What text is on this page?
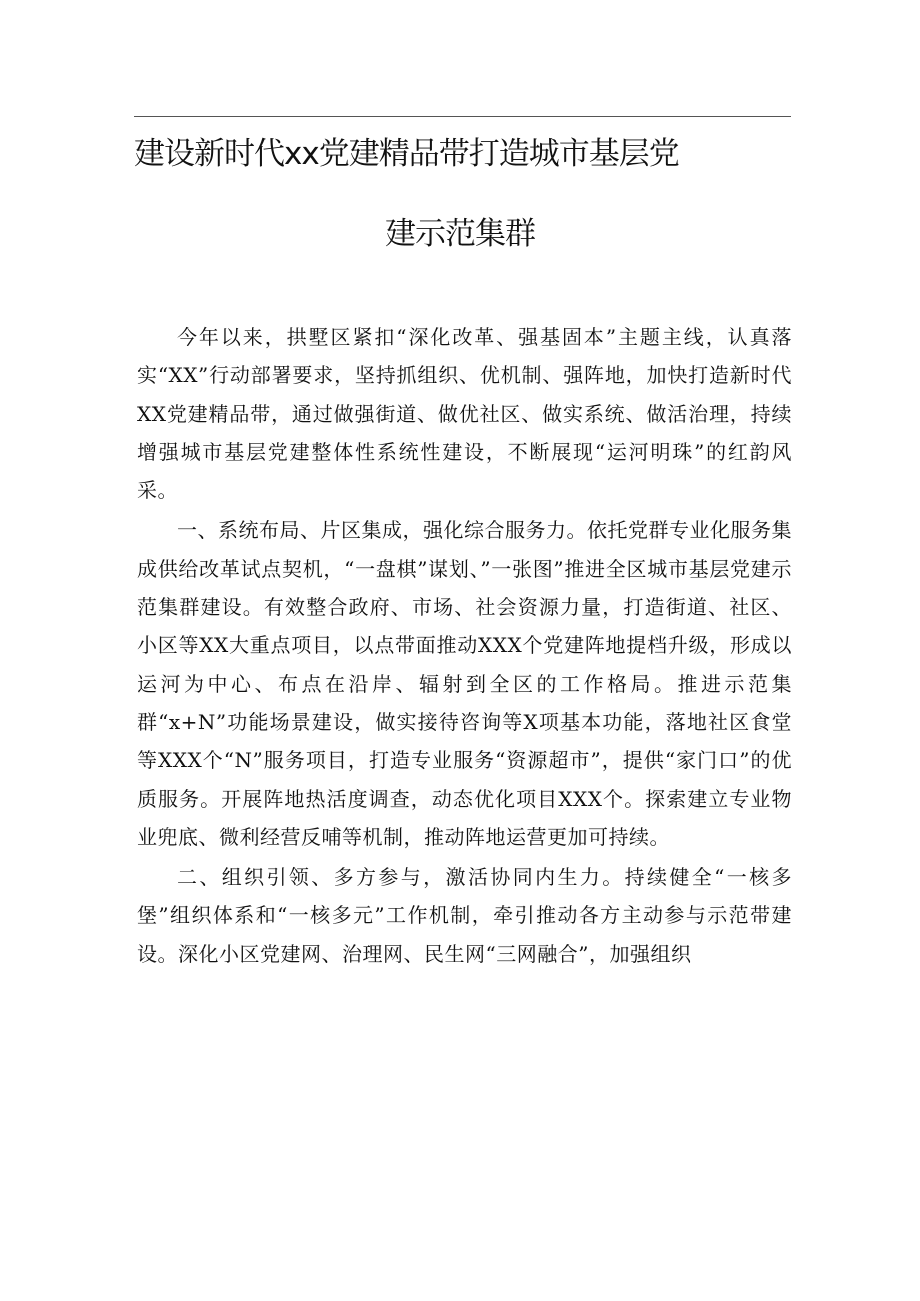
建设新时代xx党建精品带打造城市基层党
建示范集群

今年以来，拱墅区紧扣“深化改革、强基固本”主题主线，认真落实“XX”行动部署要求，坚持抓组织、优机制、强阵地，加快打造新时代XX党建精品带，通过做强街道、做优社区、做实系统、做活治理，持续增强城市基层党建整体性系统性建设，不断展现“运河明珠”的红韵风采。

一、系统布局、片区集成，强化综合服务力。依托党群专业化服务集成供给改革试点契机，“一盘棋”谋划、”一张图”推进全区城市基层党建示范集群建设。有效整合政府、市场、社会资源力量，打造街道、社区、小区等XX大重点项目，以点带面推动XXX个党建阵地提档升级，形成以运河为中心、布点在沿岸、辐射到全区的工作格局。推进示范集群“x+N”功能场景建设，做实接待咨询等X项基本功能，落地社区食堂等XXX个“N”服务项目，打造专业服务“资源超市”，提供“家门口”的优质服务。开展阵地热活度调查，动态优化项目XXX个。探索建立专业物业兜底、微利经营反哺等机制，推动阵地运营更加可持续。

二、组织引领、多方参与，激活协同内生力。持续健全“一核多堡”组织体系和“一核多元”工作机制，牵引推动各方主动参与示范带建设。深化小区党建网、治理网、民生网“三网融合”，加强组织
